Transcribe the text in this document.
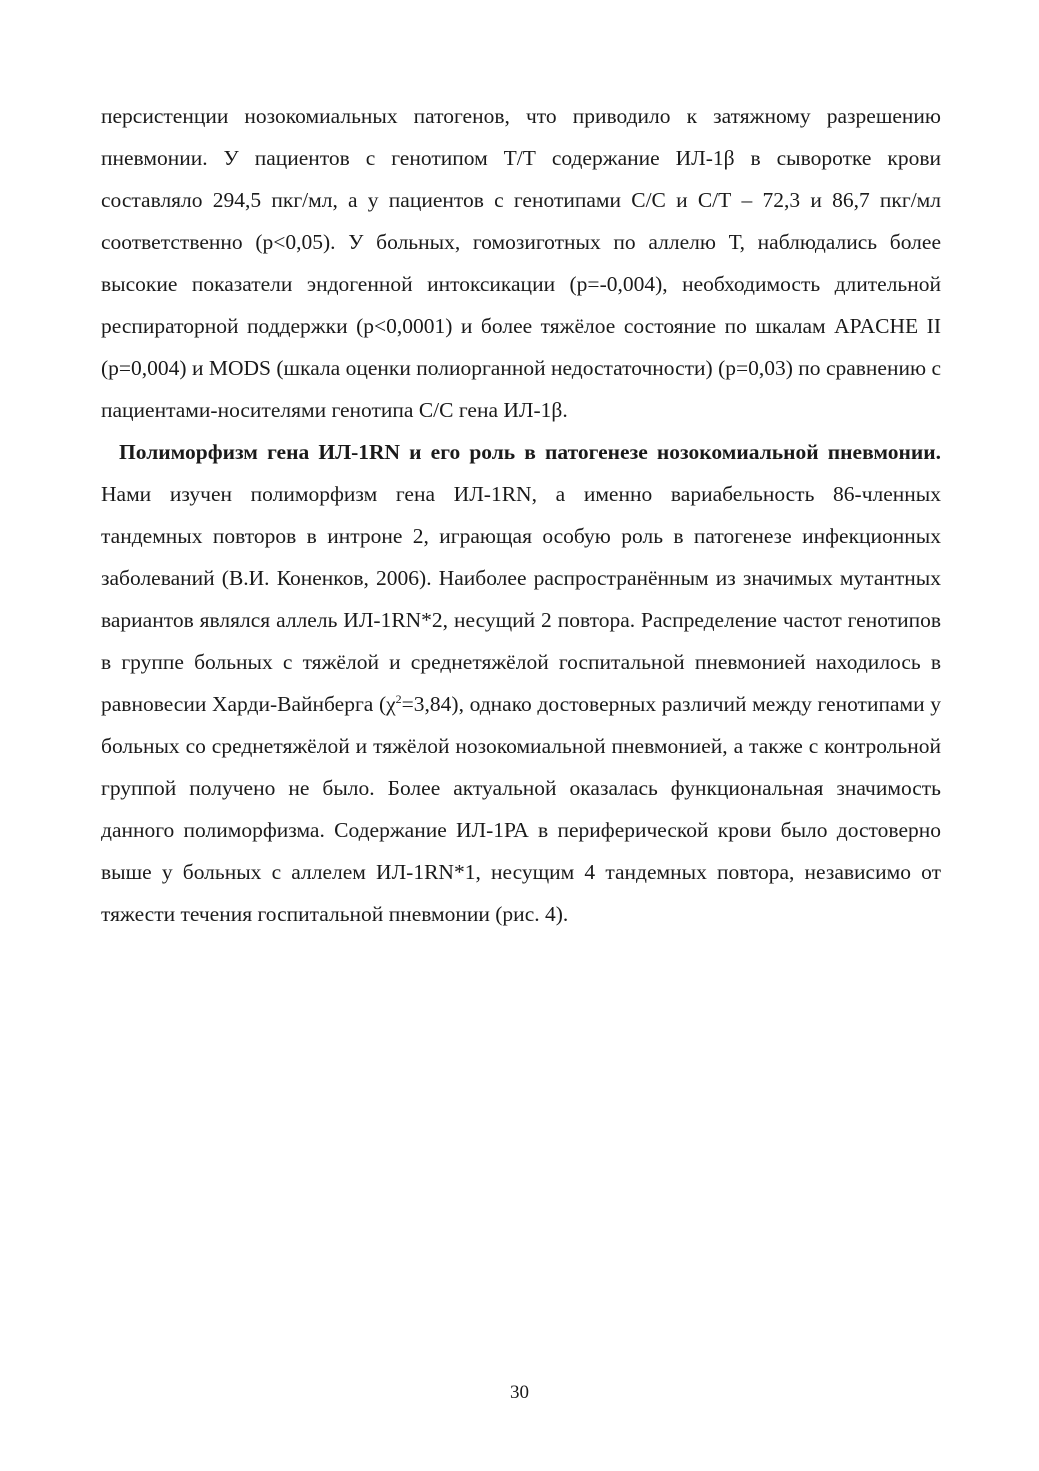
персистенции нозокомиальных патогенов, что приводило к затяжному разрешению пневмонии. У пациентов с генотипом Т/Т содержание ИЛ-1β в сыворотке крови составляло 294,5 пкг/мл, а у пациентов с генотипами С/С и С/Т – 72,3 и 86,7 пкг/мл соответственно (р<0,05). У больных, гомозиготных по аллелю Т, наблюдались более высокие показатели эндогенной интоксикации (р=-0,004), необходимость длительной респираторной поддержки (р<0,0001) и более тяжёлое состояние по шкалам APACHE II (р=0,004) и MODS (шкала оценки полиорганной недостаточности) (р=0,03) по сравнению с пациентами-носителями генотипа С/С гена ИЛ-1β.

Полиморфизм гена ИЛ-1RN и его роль в патогенезе нозокомиальной пневмонии. Нами изучен полиморфизм гена ИЛ-1RN, а именно вариабельность 86-членных тандемных повторов в интроне 2, играющая особую роль в патогенезе инфекционных заболеваний (В.И. Коненков, 2006). Наиболее распространённым из значимых мутантных вариантов являлся аллель ИЛ-1RN*2, несущий 2 повтора. Распределение частот генотипов в группе больных с тяжёлой и среднетяжёлой госпитальной пневмонией находилось в равновесии Харди-Вайнберга $(\chi^2=3,84)$, однако достоверных различий между генотипами у больных со среднетяжёлой и тяжёлой нозокомиальной пневмонией, а также с контрольной группой получено не было. Более актуальной оказалась функциональная значимость данного полиморфизма. Содержание ИЛ-1РА в периферической крови было достоверно выше у больных с аллелем ИЛ-1RN*1, несущим 4 тандемных повтора, независимо от тяжести течения госпитальной пневмонии (рис. 4).

30
